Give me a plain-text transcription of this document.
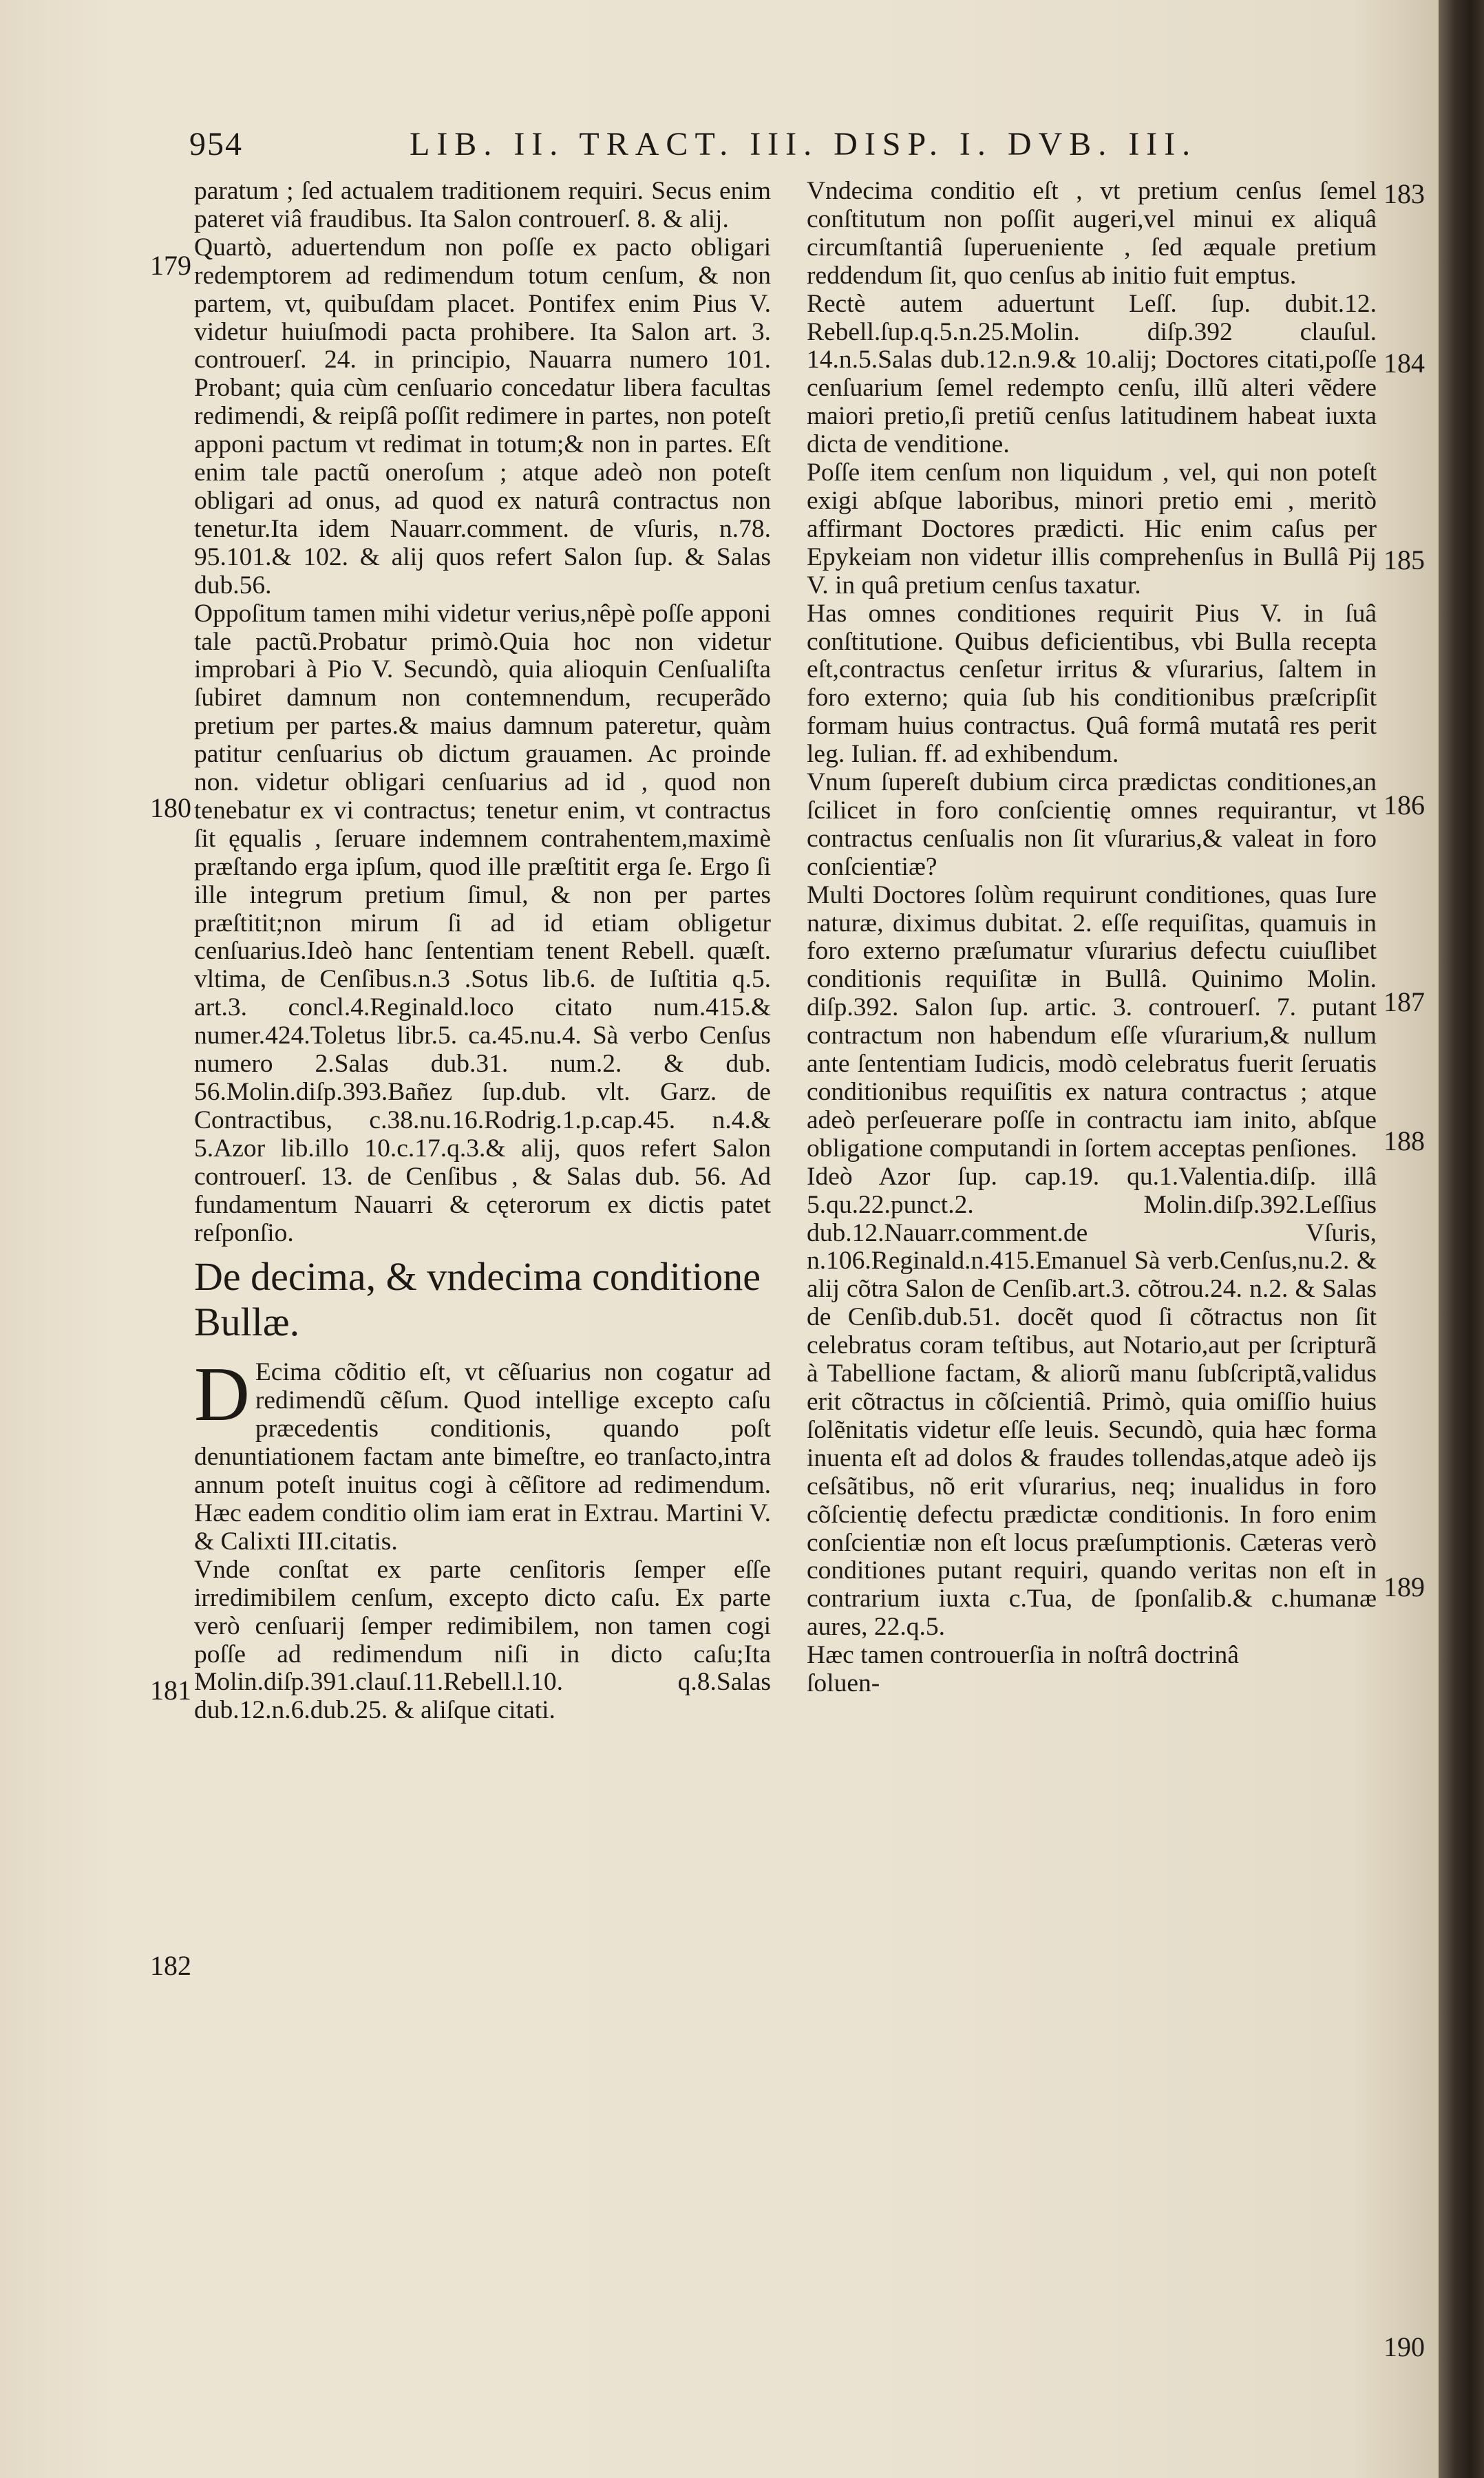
954	LIB. II. TRACT. III. DISP. I. DVB. III.
179
180
181
182
183
184
185
186
187
188
189
190

paratum ; ſed actualem traditionem requiri. Secus enim pateret viâ fraudibus. Ita Salon controuerſ. 8. & alij.

Quartò, aduertendum non poſſe ex pacto obligari redemptorem ad redimendum totum cenſum, & non partem, vt, quibuſdam placet. Pontifex enim Pius V. videtur huiuſmodi pacta prohibere. Ita Salon art. 3. controuerſ. 24. in principio, Nauarra numero 101. Probant; quia cùm cenſuario concedatur libera facultas redimendi, & reipſâ poſſit redimere in partes, non poteſt apponi pactum vt redimat in totum;& non in partes. Eſt enim tale pactũ oneroſum ; atque adeò non poteſt obligari ad onus, ad quod ex naturâ contractus non tenetur.Ita idem Nauarr.comment. de vſuris, n.78. 95.101.& 102. & alij quos refert Salon ſup. & Salas dub.56.

Oppoſitum tamen mihi videtur verius,nêpè poſſe apponi tale pactũ.Probatur primò.Quia hoc non videtur improbari à Pio V. Secundò, quia alioquin Cenſualiſta ſubiret damnum non contemnendum, recuperãdo pretium per partes.& maius damnum pateretur, quàm patitur cenſuarius ob dictum grauamen. Ac proinde non. videtur obligari cenſuarius ad id , quod non tenebatur ex vi contractus; tenetur enim, vt contractus ſit ęqualis , ſeruare indemnem contrahentem,maximè præſtando erga ipſum, quod ille præſtitit erga ſe. Ergo ſi ille integrum pretium ſimul, & non per partes præſtitit;non mirum ſi ad id etiam obligetur cenſuarius.Ideò hanc ſententiam tenent Rebell. quæſt. vltima, de Cenſibus.n.3 .Sotus lib.6. de Iuſtitia q.5. art.3. concl.4.Reginald.loco citato num.415.& numer.424.Toletus libr.5. ca.45.nu.4. Sà verbo Cenſus numero 2.Salas dub.31. num.2. & dub. 56.Molin.diſp.393.Bañez ſup.dub. vlt. Garz. de Contractibus, c.38.nu.16.Rodrig.1.p.cap.45. n.4.& 5.Azor lib.illo 10.c.17.q.3.& alij, quos refert Salon controuerſ. 13. de Cenſibus , & Salas dub. 56. Ad fundamentum Nauarri & cęterorum ex dictis patet reſponſio.

De decima, & vndecima conditione Bullæ.

D Ecima cõditio eſt, vt cẽſuarius non cogatur ad redimendũ cẽſum. Quod intellige excepto caſu præcedentis conditionis, quando poſt denuntiationem factam ante bimeſtre, eo tranſacto,intra annum poteſt inuitus cogi à cẽſitore ad redimendum. Hæc eadem conditio olim iam erat in Extrau. Martini V. & Calixti III.citatis.

Vnde conſtat ex parte cenſitoris ſemper eſſe irredimibilem cenſum, excepto dicto caſu. Ex parte verò cenſuarij ſemper redimibilem, non tamen cogi poſſe ad redimendum niſi in dicto caſu;Ita Molin.diſp.391.clauſ.11.Rebell.l.10. q.8.Salas dub.12.n.6.dub.25. & aliſque citati.

Vndecima conditio eſt , vt pretium cenſus ſemel conſtitutum non poſſit augeri,vel minui ex aliquâ circumſtantiâ ſuperueniente , ſed æquale pretium reddendum ſit, quo cenſus ab initio fuit emptus.

Rectè autem aduertunt Leſſ. ſup. dubit.12. Rebell.ſup.q.5.n.25.Molin. diſp.392 clauſul. 14.n.5.Salas dub.12.n.9.& 10.alij; Doctores citati,poſſe cenſuarium ſemel redempto cenſu, illũ alteri vẽdere maiori pretio,ſi pretiũ cenſus latitudinem habeat iuxta dicta de venditione.

Poſſe item cenſum non liquidum , vel, qui non poteſt exigi abſque laboribus, minori pretio emi , meritò affirmant Doctores prædicti. Hic enim caſus per Epykeiam non videtur illis comprehenſus in Bullâ Pij V. in quâ pretium cenſus taxatur.

Has omnes conditiones requirit Pius V. in ſuâ conſtitutione. Quibus deficientibus, vbi Bulla recepta eſt,contractus cenſetur irritus & vſurarius, ſaltem in foro externo; quia ſub his conditionibus præſcripſit formam huius contractus. Quâ formâ mutatâ res perit leg. Iulian. ff. ad exhibendum.

Vnum ſupereſt dubium circa prædictas conditiones,an ſcilicet in foro conſcientię omnes requirantur, vt contractus cenſualis non ſit vſurarius,& valeat in foro conſcientiæ?

Multi Doctores ſolùm requirunt conditiones, quas Iure naturæ, diximus dubitat. 2. eſſe requiſitas, quamuis in foro externo præſumatur vſurarius defectu cuiuſlibet conditionis requiſitæ in Bullâ. Quinimo Molin. diſp.392. Salon ſup. artic. 3. controuerſ. 7. putant contractum non habendum eſſe vſurarium,& nullum ante ſententiam Iudicis, modò celebratus fuerit ſeruatis conditionibus requiſitis ex natura contractus ; atque adeò perſeuerare poſſe in contractu iam inito, abſque obligatione computandi in ſortem acceptas penſiones.

Ideò Azor ſup. cap.19. qu.1.Valentia.diſp. illâ 5.qu.22.punct.2. Molin.diſp.392.Leſſius dub.12.Nauarr.comment.de Vſuris, n.106.Reginald.n.415.Emanuel Sà verb.Cenſus,nu.2. & alij cõtra Salon de Cenſib.art.3. cõtrou.24. n.2. & Salas de Cenſib.dub.51. docẽt quod ſi cõtractus non ſit celebratus coram teſtibus, aut Notario,aut per ſcripturã à Tabellione factam, & aliorũ manu ſubſcriptã,validus erit cõtractus in cõſcientiâ. Primò, quia omiſſio huius ſolẽnitatis videtur eſſe leuis. Secundò, quia hæc forma inuenta eſt ad dolos & fraudes tollendas,atque adeò ijs ceſsãtibus, nõ erit vſurarius, neq; inualidus in foro cõſcientię defectu prædictæ conditionis. In foro enim conſcientiæ non eſt locus præſumptionis. Cæteras verò conditiones putant requiri, quando veritas non eſt in contrarium iuxta c.Tua, de ſponſalib.& c.humanæ aures, 22.q.5.

Hæc tamen controuerſia in noſtrâ doctrinâ

ſoluen-
